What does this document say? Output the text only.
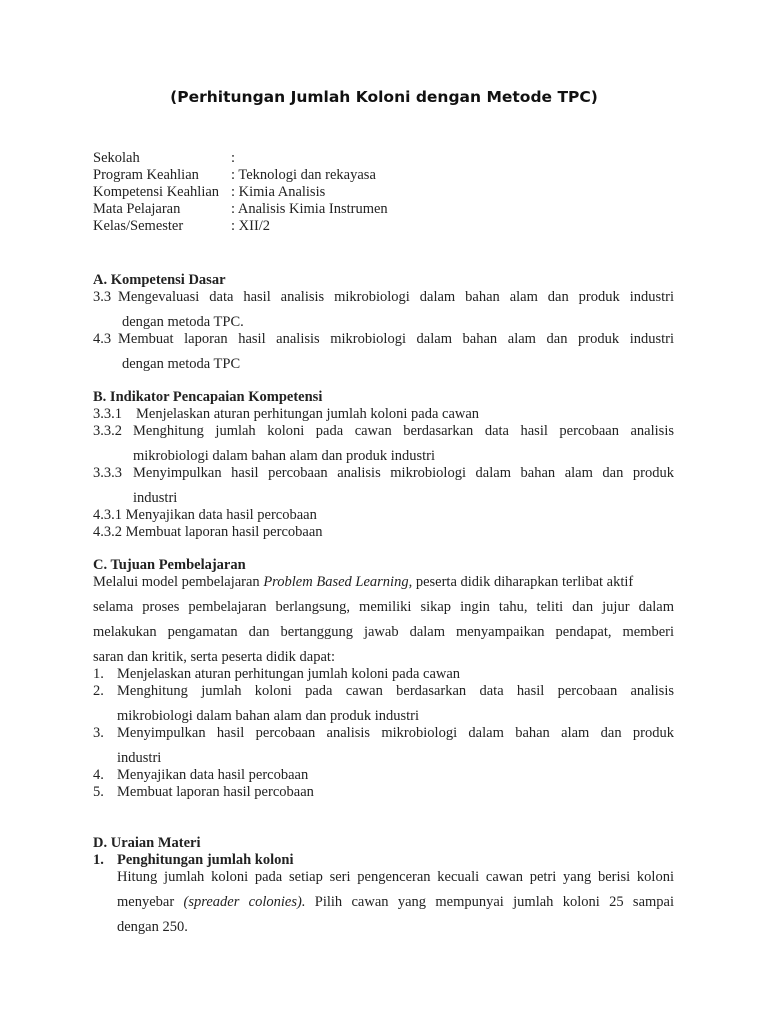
(Perhitungan Jumlah Koloni dengan Metode TPC)
Sekolah	:
Program Keahlian : Teknologi dan rekayasa
Kompetensi Keahlian : Kimia Analisis
Mata Pelajaran	: Analisis Kimia Instrumen
Kelas/Semester	: XII/2
A. Kompetensi Dasar
3.3 Mengevaluasi data hasil analisis mikrobiologi dalam bahan alam dan produk industri
dengan metoda TPC.
4.3 Membuat laporan hasil analisis mikrobiologi dalam bahan alam dan produk industri
dengan metoda TPC
B. Indikator Pencapaian Kompetensi
3.3.1 Menjelaskan aturan perhitungan jumlah koloni pada cawan
3.3.2 Menghitung jumlah koloni pada cawan berdasarkan data hasil percobaan analisis
mikrobiologi dalam bahan alam dan produk industri
3.3.3 Menyimpulkan hasil percobaan analisis mikrobiologi dalam bahan alam dan produk
industri
4.3.1 Menyajikan data hasil percobaan
4.3.2 Membuat laporan hasil percobaan
C. Tujuan Pembelajaran
Melalui model pembelajaran Problem Based Learning, peserta didik diharapkan terlibat aktif
selama proses pembelajaran berlangsung, memiliki sikap ingin tahu, teliti dan jujur dalam
melakukan pengamatan dan bertanggung jawab dalam menyampaikan pendapat, memberi
saran dan kritik, serta peserta didik dapat:
1. Menjelaskan aturan perhitungan jumlah koloni pada cawan
2. Menghitung jumlah koloni pada cawan berdasarkan data hasil percobaan analisis
mikrobiologi dalam bahan alam dan produk industri
3. Menyimpulkan hasil percobaan analisis mikrobiologi dalam bahan alam dan produk
industri
4. Menyajikan data hasil percobaan
5. Membuat laporan hasil percobaan
D. Uraian Materi
1. Penghitungan jumlah koloni
Hitung jumlah koloni pada setiap seri pengenceran kecuali cawan petri yang berisi koloni
menyebar (spreader colonies). Pilih cawan yang mempunyai jumlah koloni 25 sampai
dengan 250.
